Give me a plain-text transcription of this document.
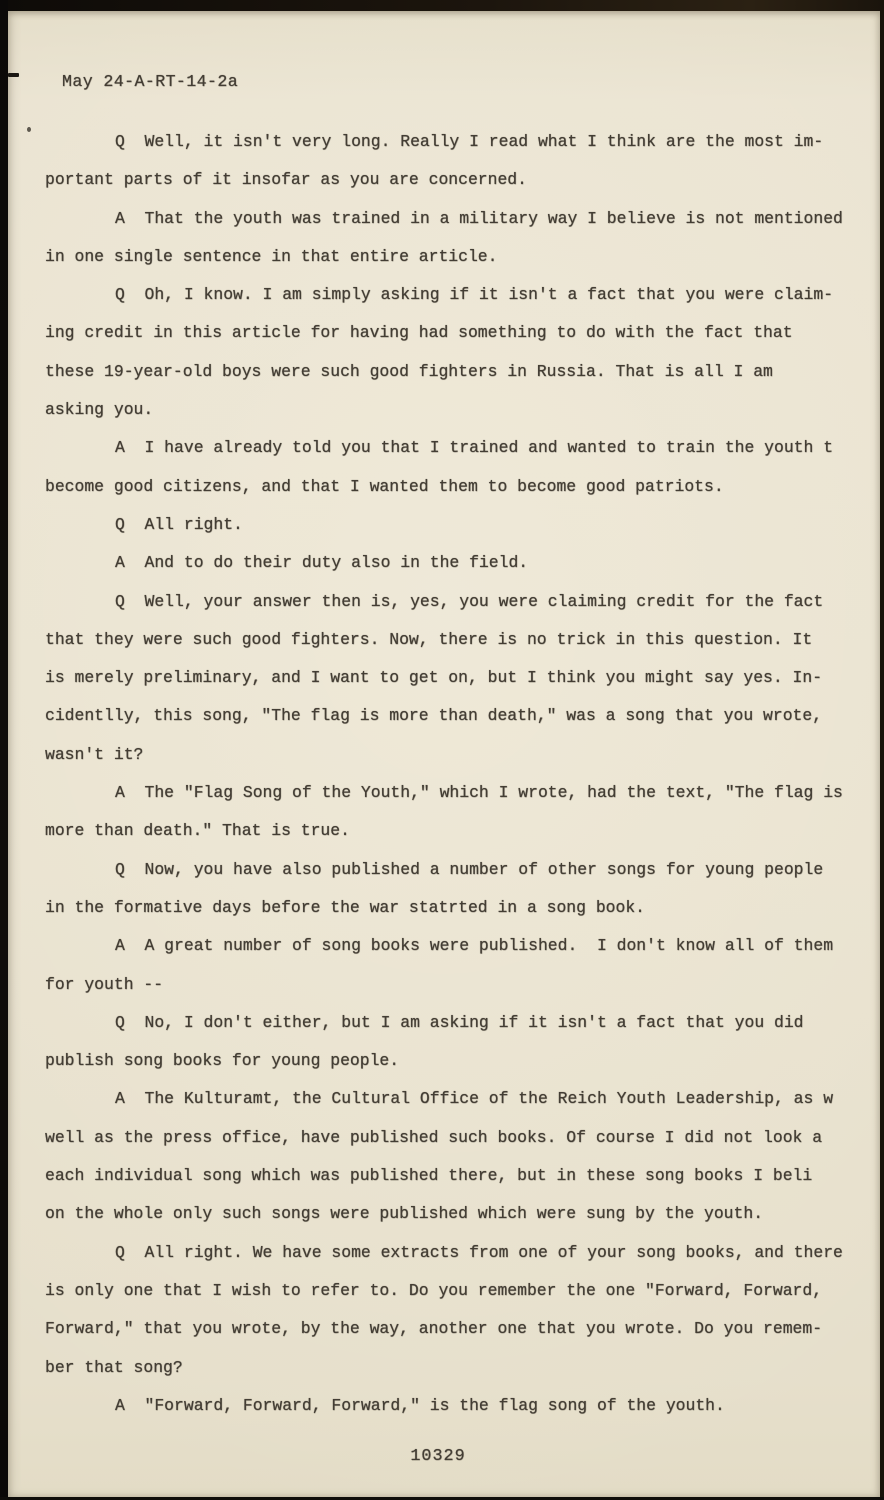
May 24-A-RT-14-2a
Q  Well, it isn't very long. Really I read what I think are the most im-
portant parts of it insofar as you are concerned.
A  That the youth was trained in a military way I believe is not mentioned
in one single sentence in that entire article.
Q  Oh, I know. I am simply asking if it isn't a fact that you were claim-
ing credit in this article for having had something to do with the fact that
these 19-year-old boys were such good fighters in Russia. That is all I am
asking you.
A  I have already told you that I trained and wanted to train the youth t
become good citizens, and that I wanted them to become good patriots.
Q  All right.
A  And to do their duty also in the field.
Q  Well, your answer then is, yes, you were claiming credit for the fact
that they were such good fighters. Now, there is no trick in this question. It
is merely preliminary, and I want to get on, but I think you might say yes. In-
cidentlly, this song, "The flag is more than death," was a song that you wrote,
wasn't it?
A  The "Flag Song of the Youth," which I wrote, had the text, "The flag is
more than death." That is true.
Q  Now, you have also published a number of other songs for young people
in the formative days before the war statrted in a song book.
A  A great number of song books were published.  I don't know all of them
for youth --
Q  No, I don't either, but I am asking if it isn't a fact that you did
publish song books for young people.
A  The Kulturamt, the Cultural Office of the Reich Youth Leadership, as w
well as the press office, have published such books. Of course I did not look a
each individual song which was published there, but in these song books I beli
on the whole only such songs were published which were sung by the youth.
Q  All right. We have some extracts from one of your song books, and there
is only one that I wish to refer to. Do you remember the one "Forward, Forward,
Forward," that you wrote, by the way, another one that you wrote. Do you remem-
ber that song?
A  "Forward, Forward, Forward," is the flag song of the youth.
10329
